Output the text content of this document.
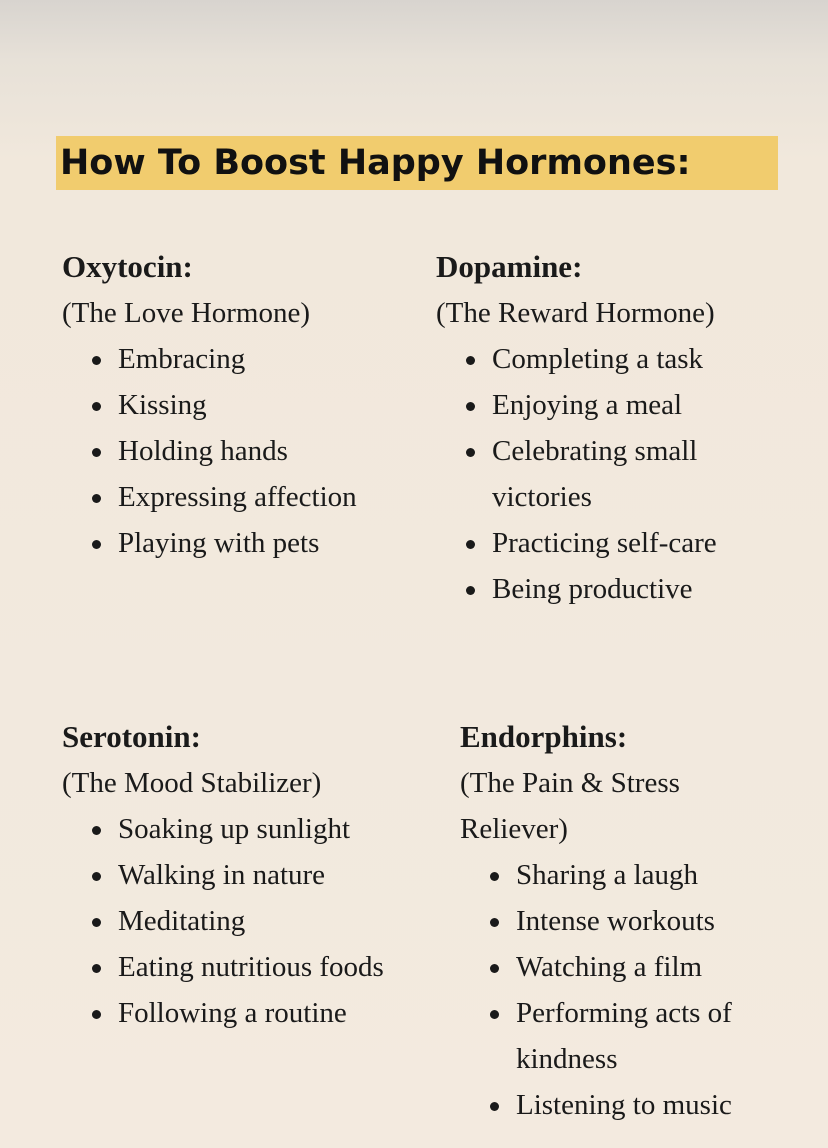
How To Boost Happy Hormones:
Oxytocin:
(The Love Hormone)
Embracing
Kissing
Holding hands
Expressing affection
Playing with pets
Dopamine:
(The Reward Hormone)
Completing a task
Enjoying a meal
Celebrating small victories
Practicing self-care
Being productive
Serotonin:
(The Mood Stabilizer)
Soaking up sunlight
Walking in nature
Meditating
Eating nutritious foods
Following a routine
Endorphins:
(The Pain & Stress Reliever)
Sharing a laugh
Intense workouts
Watching a film
Performing acts of kindness
Listening to music
